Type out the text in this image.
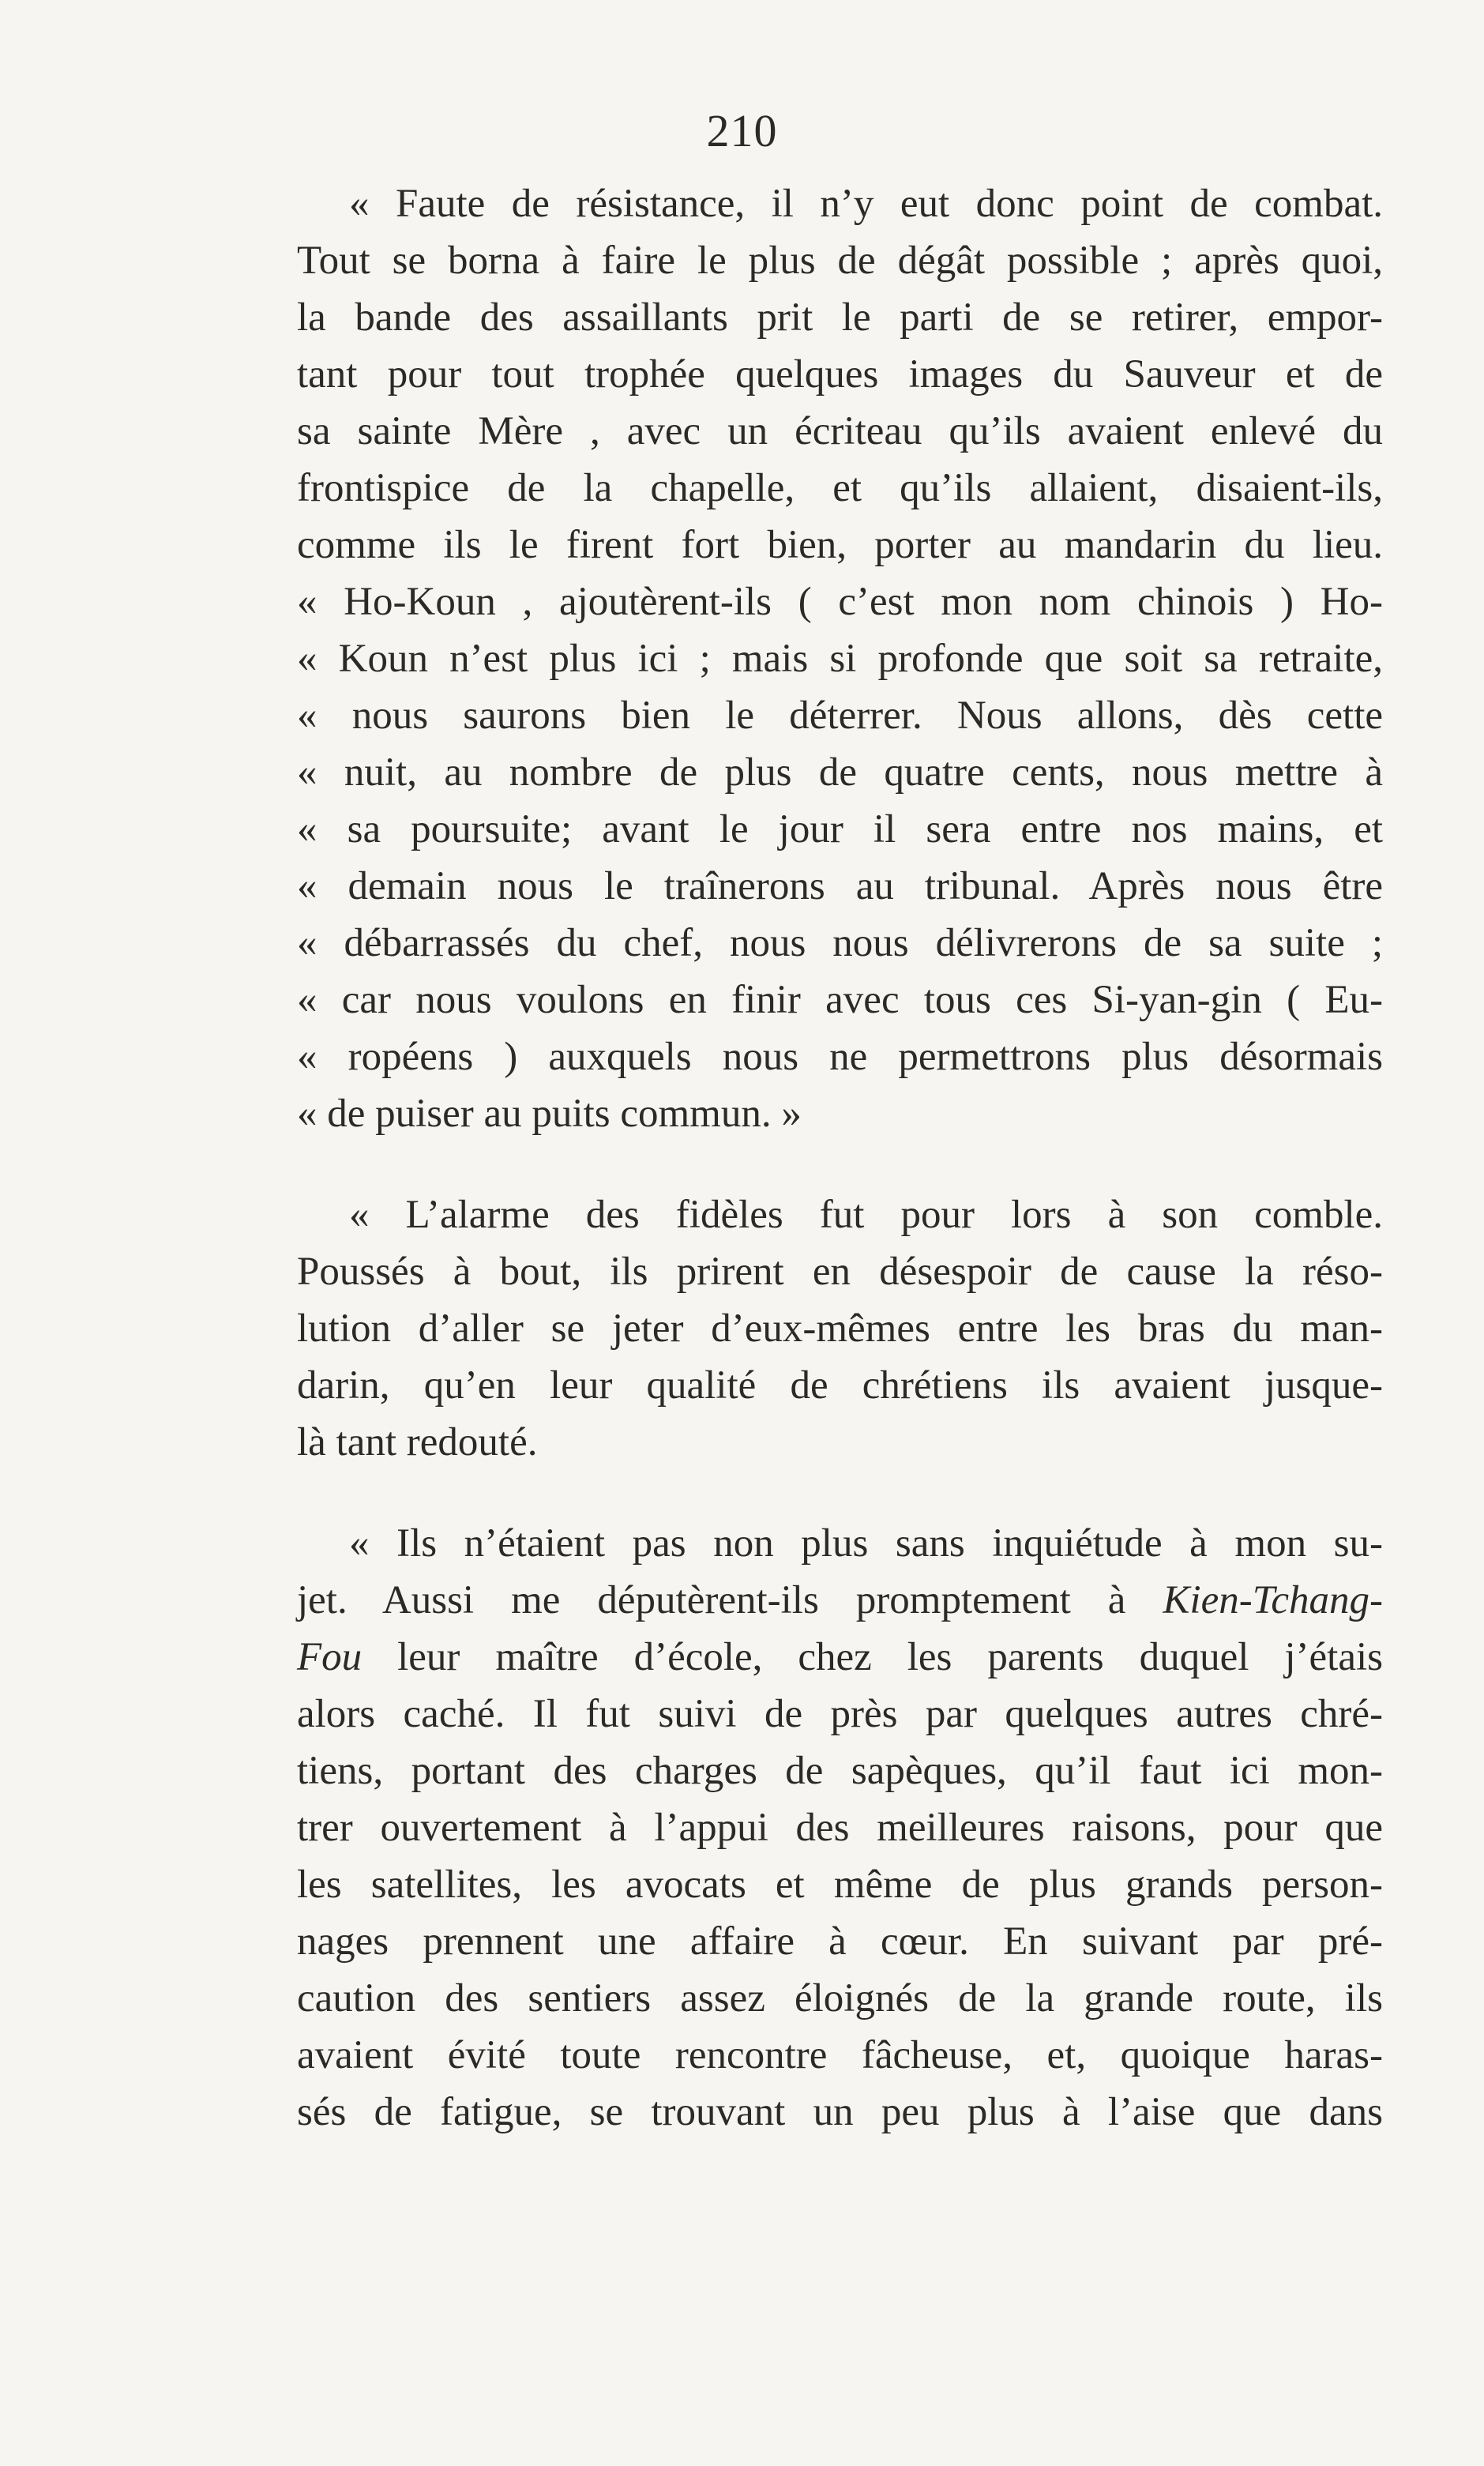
210
« Faute de résistance, il n’y eut donc point de combat.
Tout se borna à faire le plus de dégât possible ; après quoi,
la bande des assaillants prit le parti de se retirer, empor-
tant pour tout trophée quelques images du Sauveur et de
sa sainte Mère , avec un écriteau qu’ils avaient enlevé du
frontispice de la chapelle, et qu’ils allaient, disaient-ils,
comme ils le firent fort bien, porter au mandarin du lieu.
« Ho-Koun , ajoutèrent-ils ( c’est mon nom chinois ) Ho-
« Koun n’est plus ici ; mais si profonde que soit sa retraite,
« nous saurons bien le déterrer. Nous allons, dès cette
« nuit, au nombre de plus de quatre cents, nous mettre à
« sa poursuite; avant le jour il sera entre nos mains, et
« demain nous le traînerons au tribunal. Après nous être
« débarrassés du chef, nous nous délivrerons de sa suite ;
« car nous voulons en finir avec tous ces Si-yan-gin ( Eu-
« ropéens ) auxquels nous ne permettrons plus désormais
« de puiser au puits commun. »
« L’alarme des fidèles fut pour lors à son comble.
Poussés à bout, ils prirent en désespoir de cause la réso-
lution d’aller se jeter d’eux-mêmes entre les bras du man-
darin, qu’en leur qualité de chrétiens ils avaient jusque-
là tant redouté.
« Ils n’étaient pas non plus sans inquiétude à mon su-
jet. Aussi me députèrent-ils promptement à Kien-Tchang-
Fou leur maître d’école, chez les parents duquel j’étais
alors caché. Il fut suivi de près par quelques autres chré-
tiens, portant des charges de sapèques, qu’il faut ici mon-
trer ouvertement à l’appui des meilleures raisons, pour que
les satellites, les avocats et même de plus grands person-
nages prennent une affaire à cœur. En suivant par pré-
caution des sentiers assez éloignés de la grande route, ils
avaient évité toute rencontre fâcheuse, et, quoique haras-
sés de fatigue, se trouvant un peu plus à l’aise que dans
